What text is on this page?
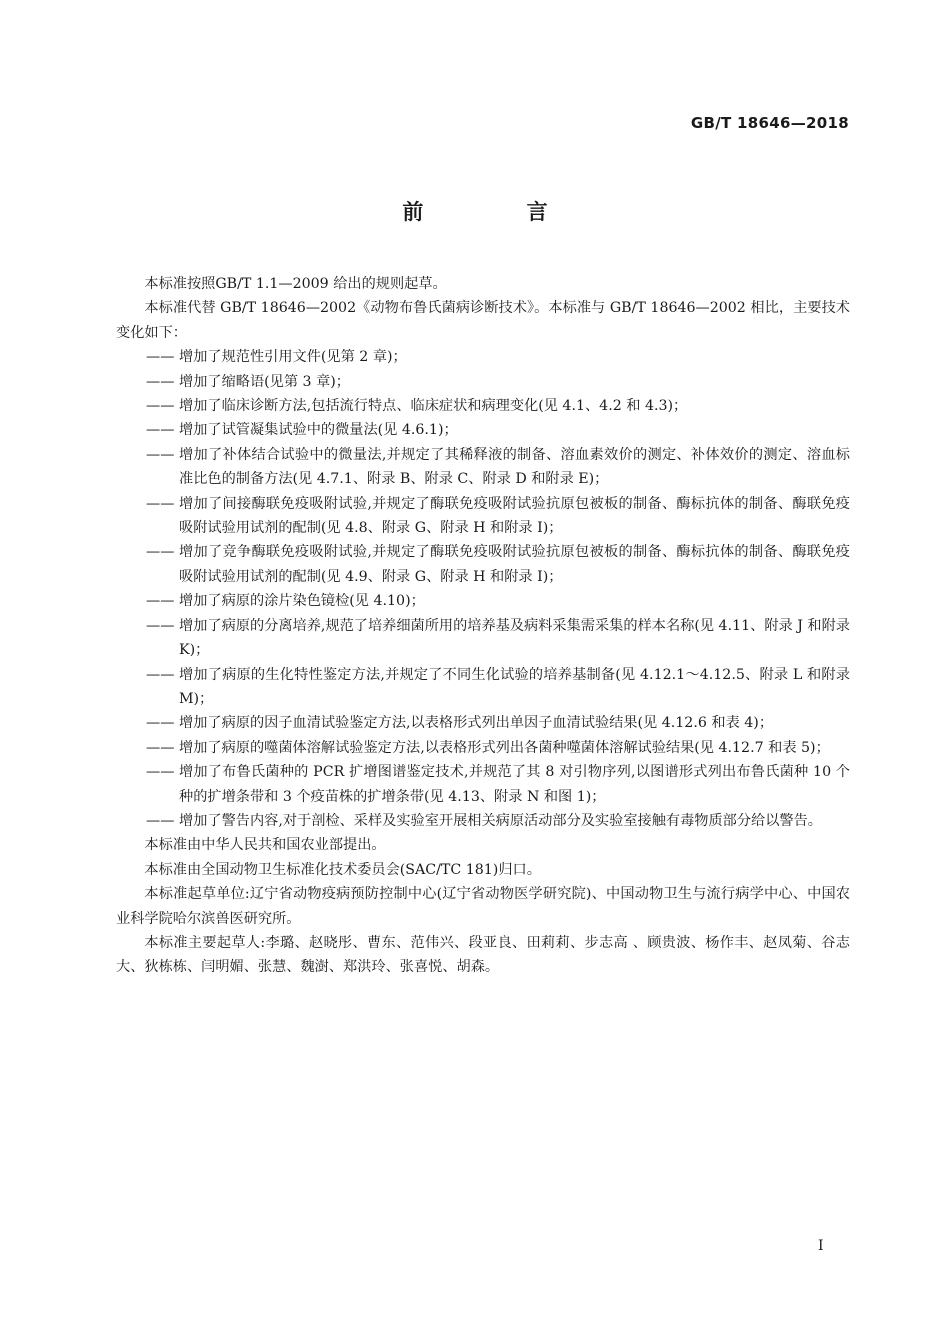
GB/T 18646—2018
前 言

本标准按照GB/T 1.1—2009 给出的规则起草。

本标准代替 GB/T 18646—2002《动物布鲁氏菌病诊断技术》。本标准与 GB/T 18646—2002 相比，主要技术变化如下：

—— 增加了规范性引用文件(见第 2 章)；

—— 增加了缩略语(见第 3 章)；

—— 增加了临床诊断方法,包括流行特点、临床症状和病理变化(见 4.1、4.2 和 4.3)；

—— 增加了试管凝集试验中的微量法(见 4.6.1)；

—— 增加了补体结合试验中的微量法,并规定了其稀释液的制备、溶血素效价的测定、补体效价的测定、溶血标准比色的制备方法(见 4.7.1、附录 B、附录 C、附录 D 和附录 E)；

—— 增加了间接酶联免疫吸附试验,并规定了酶联免疫吸附试验抗原包被板的制备、酶标抗体的制备、酶联免疫吸附试验用试剂的配制(见 4.8、附录 G、附录 H 和附录 I)；

—— 增加了竞争酶联免疫吸附试验,并规定了酶联免疫吸附试验抗原包被板的制备、酶标抗体的制备、酶联免疫吸附试验用试剂的配制(见 4.9、附录 G、附录 H 和附录 I)；

—— 增加了病原的涂片染色镜检(见 4.10)；

—— 增加了病原的分离培养,规范了培养细菌所用的培养基及病料采集需采集的样本名称(见 4.11、附录 J 和附录 K)；

—— 增加了病原的生化特性鉴定方法,并规定了不同生化试验的培养基制备(见 4.12.1～4.12.5、附录 L 和附录 M)；

—— 增加了病原的因子血清试验鉴定方法,以表格形式列出单因子血清试验结果(见 4.12.6 和表 4)；

—— 增加了病原的噬菌体溶解试验鉴定方法,以表格形式列出各菌种噬菌体溶解试验结果(见 4.12.7 和表 5)；

—— 增加了布鲁氏菌种的 PCR 扩增图谱鉴定技术,并规范了其 8 对引物序列,以图谱形式列出布鲁氏菌种 10 个种的扩增条带和 3 个疫苗株的扩增条带(见 4.13、附录 N 和图 1)；

—— 增加了警告内容,对于剖检、采样及实验室开展相关病原活动部分及实验室接触有毒物质部分给以警告。

本标准由中华人民共和国农业部提出。

本标准由全国动物卫生标准化技术委员会(SAC/TC 181)归口。

本标准起草单位:辽宁省动物疫病预防控制中心(辽宁省动物医学研究院)、中国动物卫生与流行病学中心、中国农业科学院哈尔滨兽医研究所。

本标准主要起草人:李璐、赵晓彤、曹东、范伟兴、段亚良、田莉莉、步志高 、顾贵波、杨作丰、赵凤菊、谷志大、狄栋栋、闫明媚、张慧、魏澍、郑洪玲、张喜悦、胡森。

I
